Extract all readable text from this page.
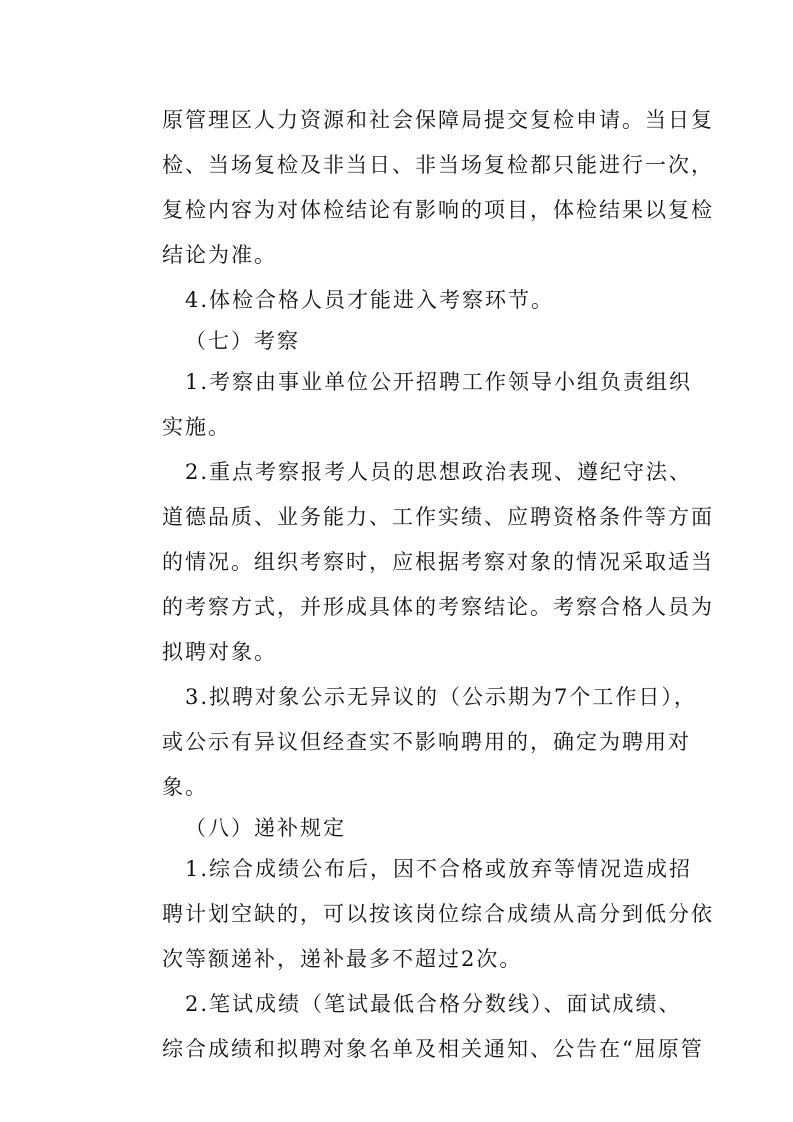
原管理区人力资源和社会保障局提交复检申请。当日复
检、当场复检及非当日、非当场复检都只能进行一次，
复检内容为对体检结论有影响的项目，体检结果以复检
结论为准。
4.体检合格人员才能进入考察环节。
（七）考察
1.考察由事业单位公开招聘工作领导小组负责组织
实施。
2.重点考察报考人员的思想政治表现、遵纪守法、
道德品质、业务能力、工作实绩、应聘资格条件等方面
的情况。组织考察时，应根据考察对象的情况采取适当
的考察方式，并形成具体的考察结论。考察合格人员为
拟聘对象。
3.拟聘对象公示无异议的（公示期为7个工作日），
或公示有异议但经查实不影响聘用的，确定为聘用对
象。
（八）递补规定
1.综合成绩公布后，因不合格或放弃等情况造成招
聘计划空缺的，可以按该岗位综合成绩从高分到低分依
次等额递补，递补最多不超过2次。
2.笔试成绩（笔试最低合格分数线）、面试成绩、
综合成绩和拟聘对象名单及相关通知、公告在“屈原管
